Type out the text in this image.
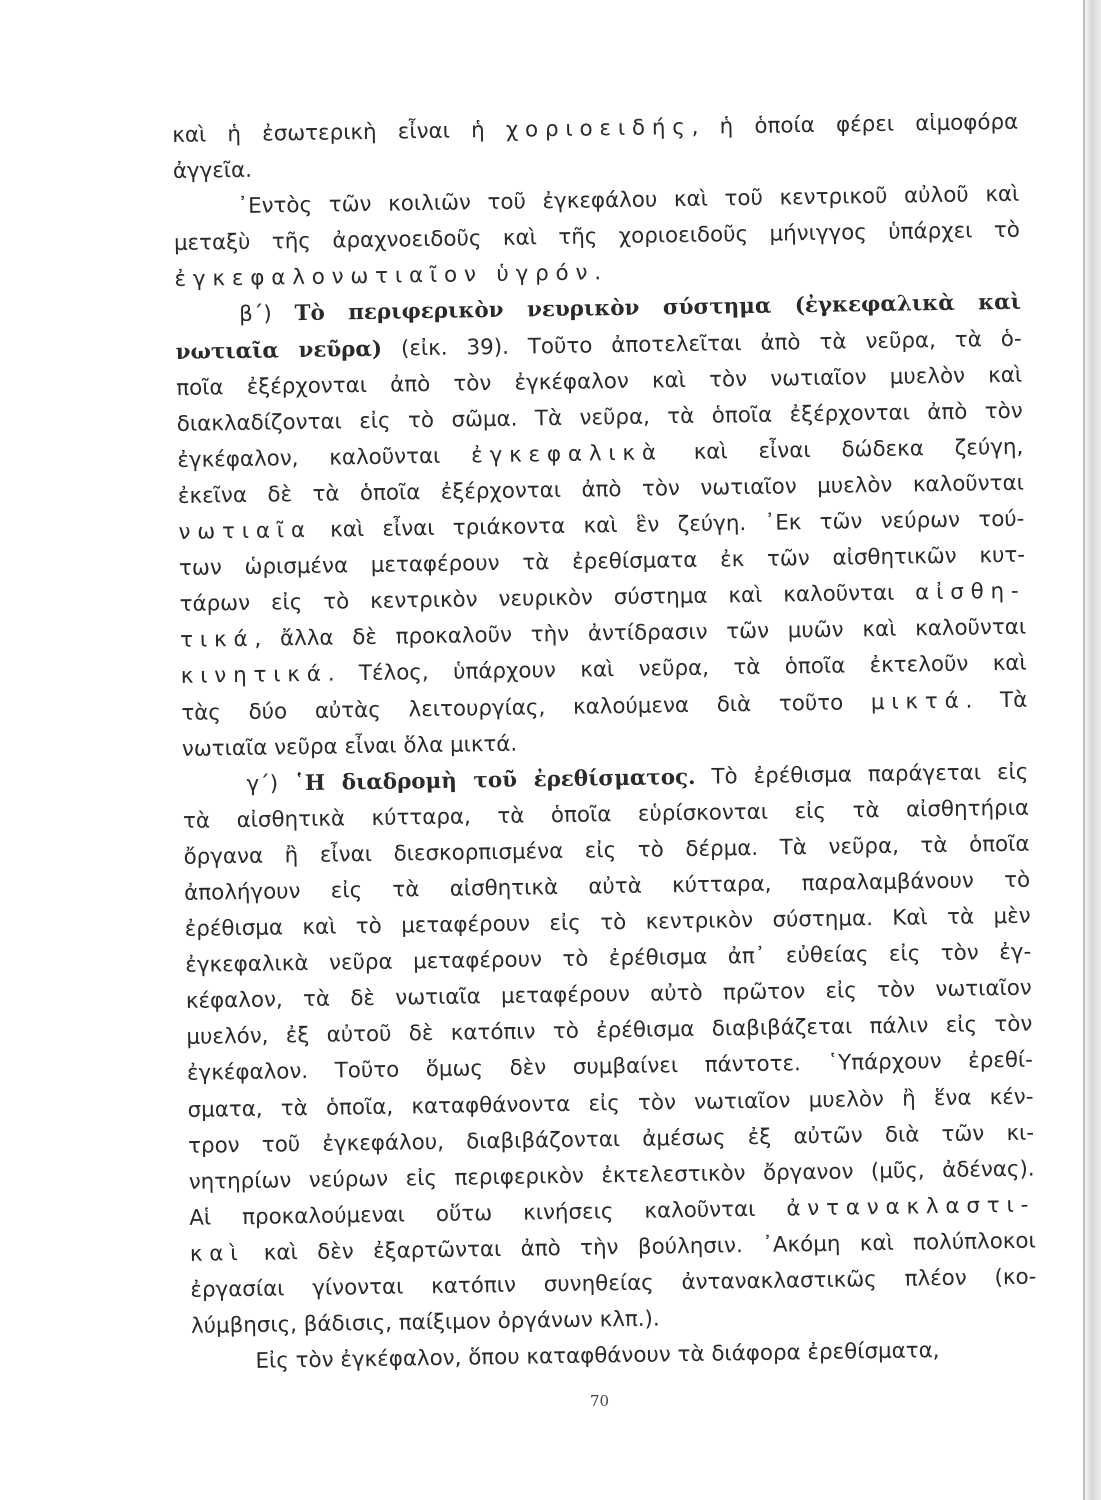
καὶ ἡ ἐσωτερικὴ εἶναι ἡ χοριοειδής, ἡ ὁποία φέρει αἱμοφόρα
ἀγγεῖα.
᾿Εντὸς τῶν κοιλιῶν τοῦ ἐγκεφάλου καὶ τοῦ κεντρικοῦ αὐλοῦ καὶ
μεταξὺ τῆς ἀραχνοειδοῦς καὶ τῆς χοριοειδοῦς μήνιγγος ὑπάρχει τὸ
ἐγκεφαλονωτιαῖον ὑγρόν.
β΄) Τὸ περιφερικὸν νευρικὸν σύστημα (ἐγκεφαλικὰ καὶ
νωτιαῖα νεῦρα) (εἰκ. 39). Τοῦτο ἀποτελεῖται ἀπὸ τὰ νεῦρα, τὰ ὁ-
ποῖα ἐξέρχονται ἀπὸ τὸν ἐγκέφαλον καὶ τὸν νωτιαῖον μυελὸν καὶ
διακλαδίζονται εἰς τὸ σῶμα. Τὰ νεῦρα, τὰ ὁποῖα ἐξέρχονται ἀπὸ τὸν
ἐγκέφαλον, καλοῦνται ἐγκεφαλικὰ καὶ εἶναι δώδεκα ζεύγη,
ἐκεῖνα δὲ τὰ ὁποῖα ἐξέρχονται ἀπὸ τὸν νωτιαῖον μυελὸν καλοῦνται
νωτιαῖα καὶ εἶναι τριάκοντα καὶ ἓν ζεύγη. ᾿Εκ τῶν νεύρων τού-
των ὡρισμένα μεταφέρουν τὰ ἐρεθίσματα ἐκ τῶν αἰσθητικῶν κυτ-
τάρων εἰς τὸ κεντρικὸν νευρικὸν σύστημα καὶ καλοῦνται αἰσθη-
τικά, ἄλλα δὲ προκαλοῦν τὴν ἀντίδρασιν τῶν μυῶν καὶ καλοῦνται
κινητικά. Τέλος, ὑπάρχουν καὶ νεῦρα, τὰ ὁποῖα ἐκτελοῦν καὶ
τὰς δύο αὐτὰς λειτουργίας, καλούμενα διὰ τοῦτο μικτά. Τὰ
νωτιαῖα νεῦρα εἶναι ὅλα μικτά.
γ΄) ῾Η διαδρομὴ τοῦ ἐρεθίσματος. Τὸ ἐρέθισμα παράγεται εἰς
τὰ αἰσθητικὰ κύτταρα, τὰ ὁποῖα εὑρίσκονται εἰς τὰ αἰσθητήρια
ὄργανα ἢ εἶναι διεσκορπισμένα εἰς τὸ δέρμα. Τὰ νεῦρα, τὰ ὁποῖα
ἀπολήγουν εἰς τὰ αἰσθητικὰ αὐτὰ κύτταρα, παραλαμβάνουν τὸ
ἐρέθισμα καὶ τὸ μεταφέρουν εἰς τὸ κεντρικὸν σύστημα. Καὶ τὰ μὲν
ἐγκεφαλικὰ νεῦρα μεταφέρουν τὸ ἐρέθισμα ἀπ᾿ εὐθείας εἰς τὸν ἐγ-
κέφαλον, τὰ δὲ νωτιαῖα μεταφέρουν αὐτὸ πρῶτον εἰς τὸν νωτιαῖον
μυελόν, ἐξ αὐτοῦ δὲ κατόπιν τὸ ἐρέθισμα διαβιβάζεται πάλιν εἰς τὸν
ἐγκέφαλον. Τοῦτο ὅμως δὲν συμβαίνει πάντοτε. ῾Υπάρχουν ἐρεθί-
σματα, τὰ ὁποῖα, καταφθάνοντα εἰς τὸν νωτιαῖον μυελὸν ἢ ἕνα κέν-
τρον τοῦ ἐγκεφάλου, διαβιβάζονται ἀμέσως ἐξ αὐτῶν διὰ τῶν κι-
νητηρίων νεύρων εἰς περιφερικὸν ἐκτελεστικὸν ὄργανον (μῦς, ἀδένας).
Αἱ προκαλούμεναι οὕτω κινήσεις καλοῦνται ἀντανακλαστι-
καὶ καὶ δὲν ἐξαρτῶνται ἀπὸ τὴν βούλησιν. ᾿Ακόμη καὶ πολύπλοκοι
ἐργασίαι γίνονται κατόπιν συνηθείας ἀντανακλαστικῶς πλέον (κο-
λύμβησις, βάδισις, παίξιμον ὀργάνων κλπ.).
Εἰς τὸν ἐγκέφαλον, ὅπου καταφθάνουν τὰ διάφορα ἐρεθίσματα,
70
